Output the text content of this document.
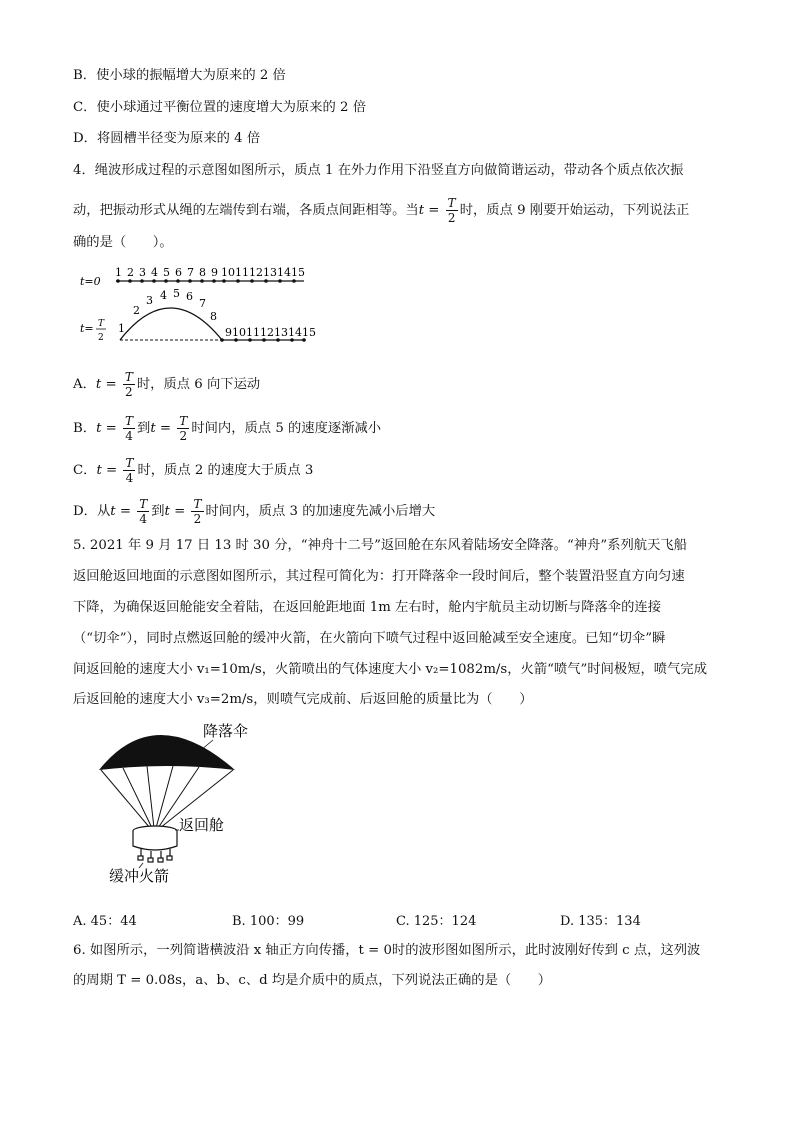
B．使小球的振幅增大为原来的 2 倍
C．使小球通过平衡位置的速度增大为原来的 2 倍
D．将圆槽半径变为原来的 4 倍
4．绳波形成过程的示意图如图所示，质点 1 在外力作用下沿竖直方向做简谐运动，带动各个质点依次振
动，把振动形式从绳的左端传到右端，各质点间距相等。当$t = \frac{T}{2}$ 时，质点 9 刚要开始运动，下列说法正
确的是（　　）。
t=0
1 2 3 4 5 6 7 8 9 10 11 12 13 14 15
t= T
2
1
2
3 4 5 6
7
8
9101112131415
A．$t = \frac{T}{2}$ 时，质点 6 向下运动
B．$t = \frac{T}{4}$ 到$t = \frac{T}{2}$ 时间内，质点 5 的速度逐渐减小
C．$t = \frac{T}{4}$ 时，质点 2 的速度大于质点 3
D．从$t = \frac{T}{4}$ 到$t = \frac{T}{2}$ 时间内，质点 3 的加速度先减小后增大
5. 2021 年 9 月 17 日 13 时 30 分，“神舟十二号”返回舱在东风着陆场安全降落。“神舟”系列航天飞船
返回舱返回地面的示意图如图所示，其过程可简化为：打开降落伞一段时间后，整个装置沿竖直方向匀速
下降，为确保返回舱能安全着陆，在返回舱距地面 1m 左右时，舱内宇航员主动切断与降落伞的连接
（“切伞”），同时点燃返回舱的缓冲火箭，在火箭向下喷气过程中返回舱减至安全速度。已知“切伞”瞬
间返回舱的速度大小 v₁=10m/s，火箭喷出的气体速度大小 v₂=1082m/s，火箭“喷气”时间极短，喷气完成
后返回舱的速度大小 v₃=2m/s，则喷气完成前、后返回舱的质量比为（　　）
降落伞
返回舱
缓冲火箭
A. 45：44	B. 100：99	C. 125：124	D. 135：134
6. 如图所示，一列简谐横波沿 x 轴正方向传播，t = 0时的波形图如图所示，此时波刚好传到 c 点，这列波
的周期 T = 0.08s，a、b、c、d 均是介质中的质点，下列说法正确的是（　　）
